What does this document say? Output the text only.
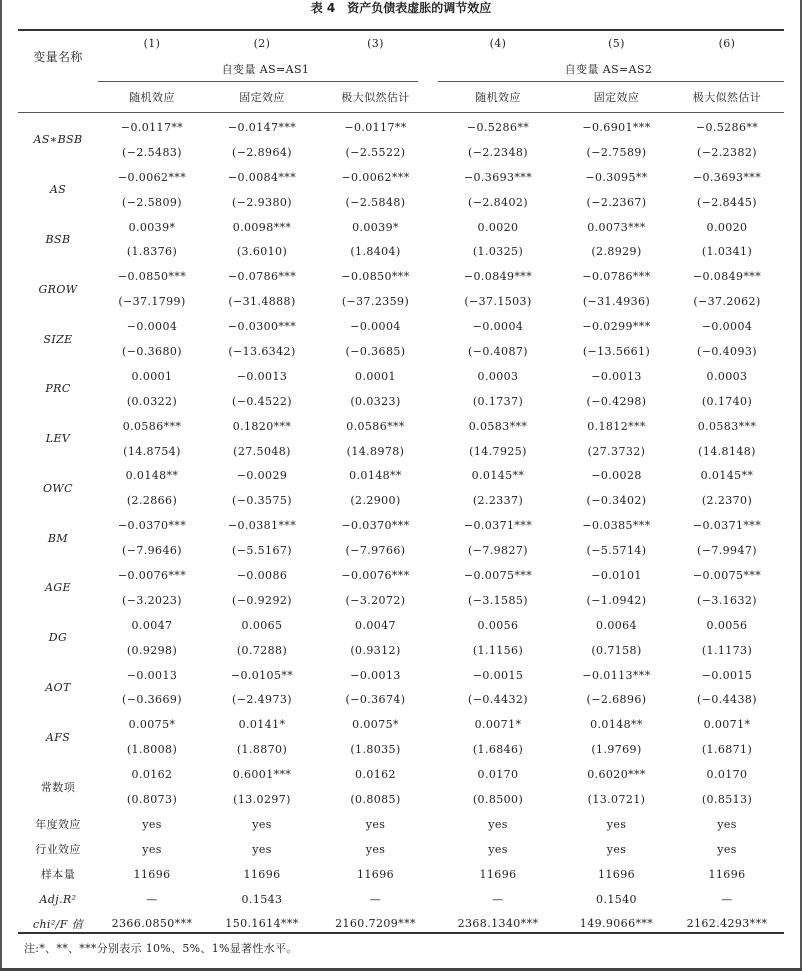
表 4　资产负债表虚胀的调节效应
变量名称	(1)	(2)	(3)	(4)	(5)	(6)
	自变量 AS=AS1			自变量 AS=AS2		
	随机效应	固定效应	极大似然估计	随机效应	固定效应	极大似然估计

AS∗BSB	−0.0117**	−0.0147***	−0.0117**	−0.5286**	−0.6901***	−0.5286**
	(−2.5483)	(−2.8964)	(−2.5522)	(−2.2348)	(−2.7589)	(−2.2382)
AS	−0.0062***	−0.0084***	−0.0062***	−0.3693***	−0.3095**	−0.3693***
	(−2.5809)	(−2.9380)	(−2.5848)	(−2.8402)	(−2.2367)	(−2.8445)
BSB	0.0039*	0.0098***	0.0039*	0.0020	0.0073***	0.0020
	(1.8376)	(3.6010)	(1.8404)	(1.0325)	(2.8929)	(1.0341)
GROW	−0.0850***	−0.0786***	−0.0850***	−0.0849***	−0.0786***	−0.0849***
	(−37.1799)	(−31.4888)	(−37.2359)	(−37.1503)	(−31.4936)	(−37.2062)
SIZE	−0.0004	−0.0300***	−0.0004	−0.0004	−0.0299***	−0.0004
	(−0.3680)	(−13.6342)	(−0.3685)	(−0.4087)	(−13.5661)	(−0.4093)
PRC	0.0001	−0.0013	0.0001	0.0003	−0.0013	0.0003
	(0.0322)	(−0.4522)	(0.0323)	(0.1737)	(−0.4298)	(0.1740)
LEV	0.0586***	0.1820***	0.0586***	0.0583***	0.1812***	0.0583***
	(14.8754)	(27.5048)	(14.8978)	(14.7925)	(27.3732)	(14.8148)
OWC	0.0148**	−0.0029	0.0148**	0.0145**	−0.0028	0.0145**
	(2.2866)	(−0.3575)	(2.2900)	(2.2337)	(−0.3402)	(2.2370)
BM	−0.0370***	−0.0381***	−0.0370***	−0.0371***	−0.0385***	−0.0371***
	(−7.9646)	(−5.5167)	(−7.9766)	(−7.9827)	(−5.5714)	(−7.9947)
AGE	−0.0076***	−0.0086	−0.0076***	−0.0075***	−0.0101	−0.0075***
	(−3.2023)	(−0.9292)	(−3.2072)	(−3.1585)	(−1.0942)	(−3.1632)
DG	0.0047	0.0065	0.0047	0.0056	0.0064	0.0056
	(0.9298)	(0.7288)	(0.9312)	(1.1156)	(0.7158)	(1.1173)
AOT	−0.0013	−0.0105**	−0.0013	−0.0015	−0.0113***	−0.0015
	(−0.3669)	(−2.4973)	(−0.3674)	(−0.4432)	(−2.6896)	(−0.4438)
AFS	0.0075*	0.0141*	0.0075*	0.0071*	0.0148**	0.0071*
	(1.8008)	(1.8870)	(1.8035)	(1.6846)	(1.9769)	(1.6871)
常数项	0.0162	0.6001***	0.0162	0.0170	0.6020***	0.0170
	(0.8073)	(13.0297)	(0.8085)	(0.8500)	(13.0721)	(0.8513)
年度效应	yes	yes	yes	yes	yes	yes
行业效应	yes	yes	yes	yes	yes	yes
样本量	11696	11696	11696	11696	11696	11696
Adj.R²	—	0.1543	—	—	0.1540	—
chi²/F 值	2366.0850***	150.1614***	2160.7209***	2368.1340***	149.9066***	2162.4293***
注:*、**、***分别表示 10%、5%、1%显著性水平。
